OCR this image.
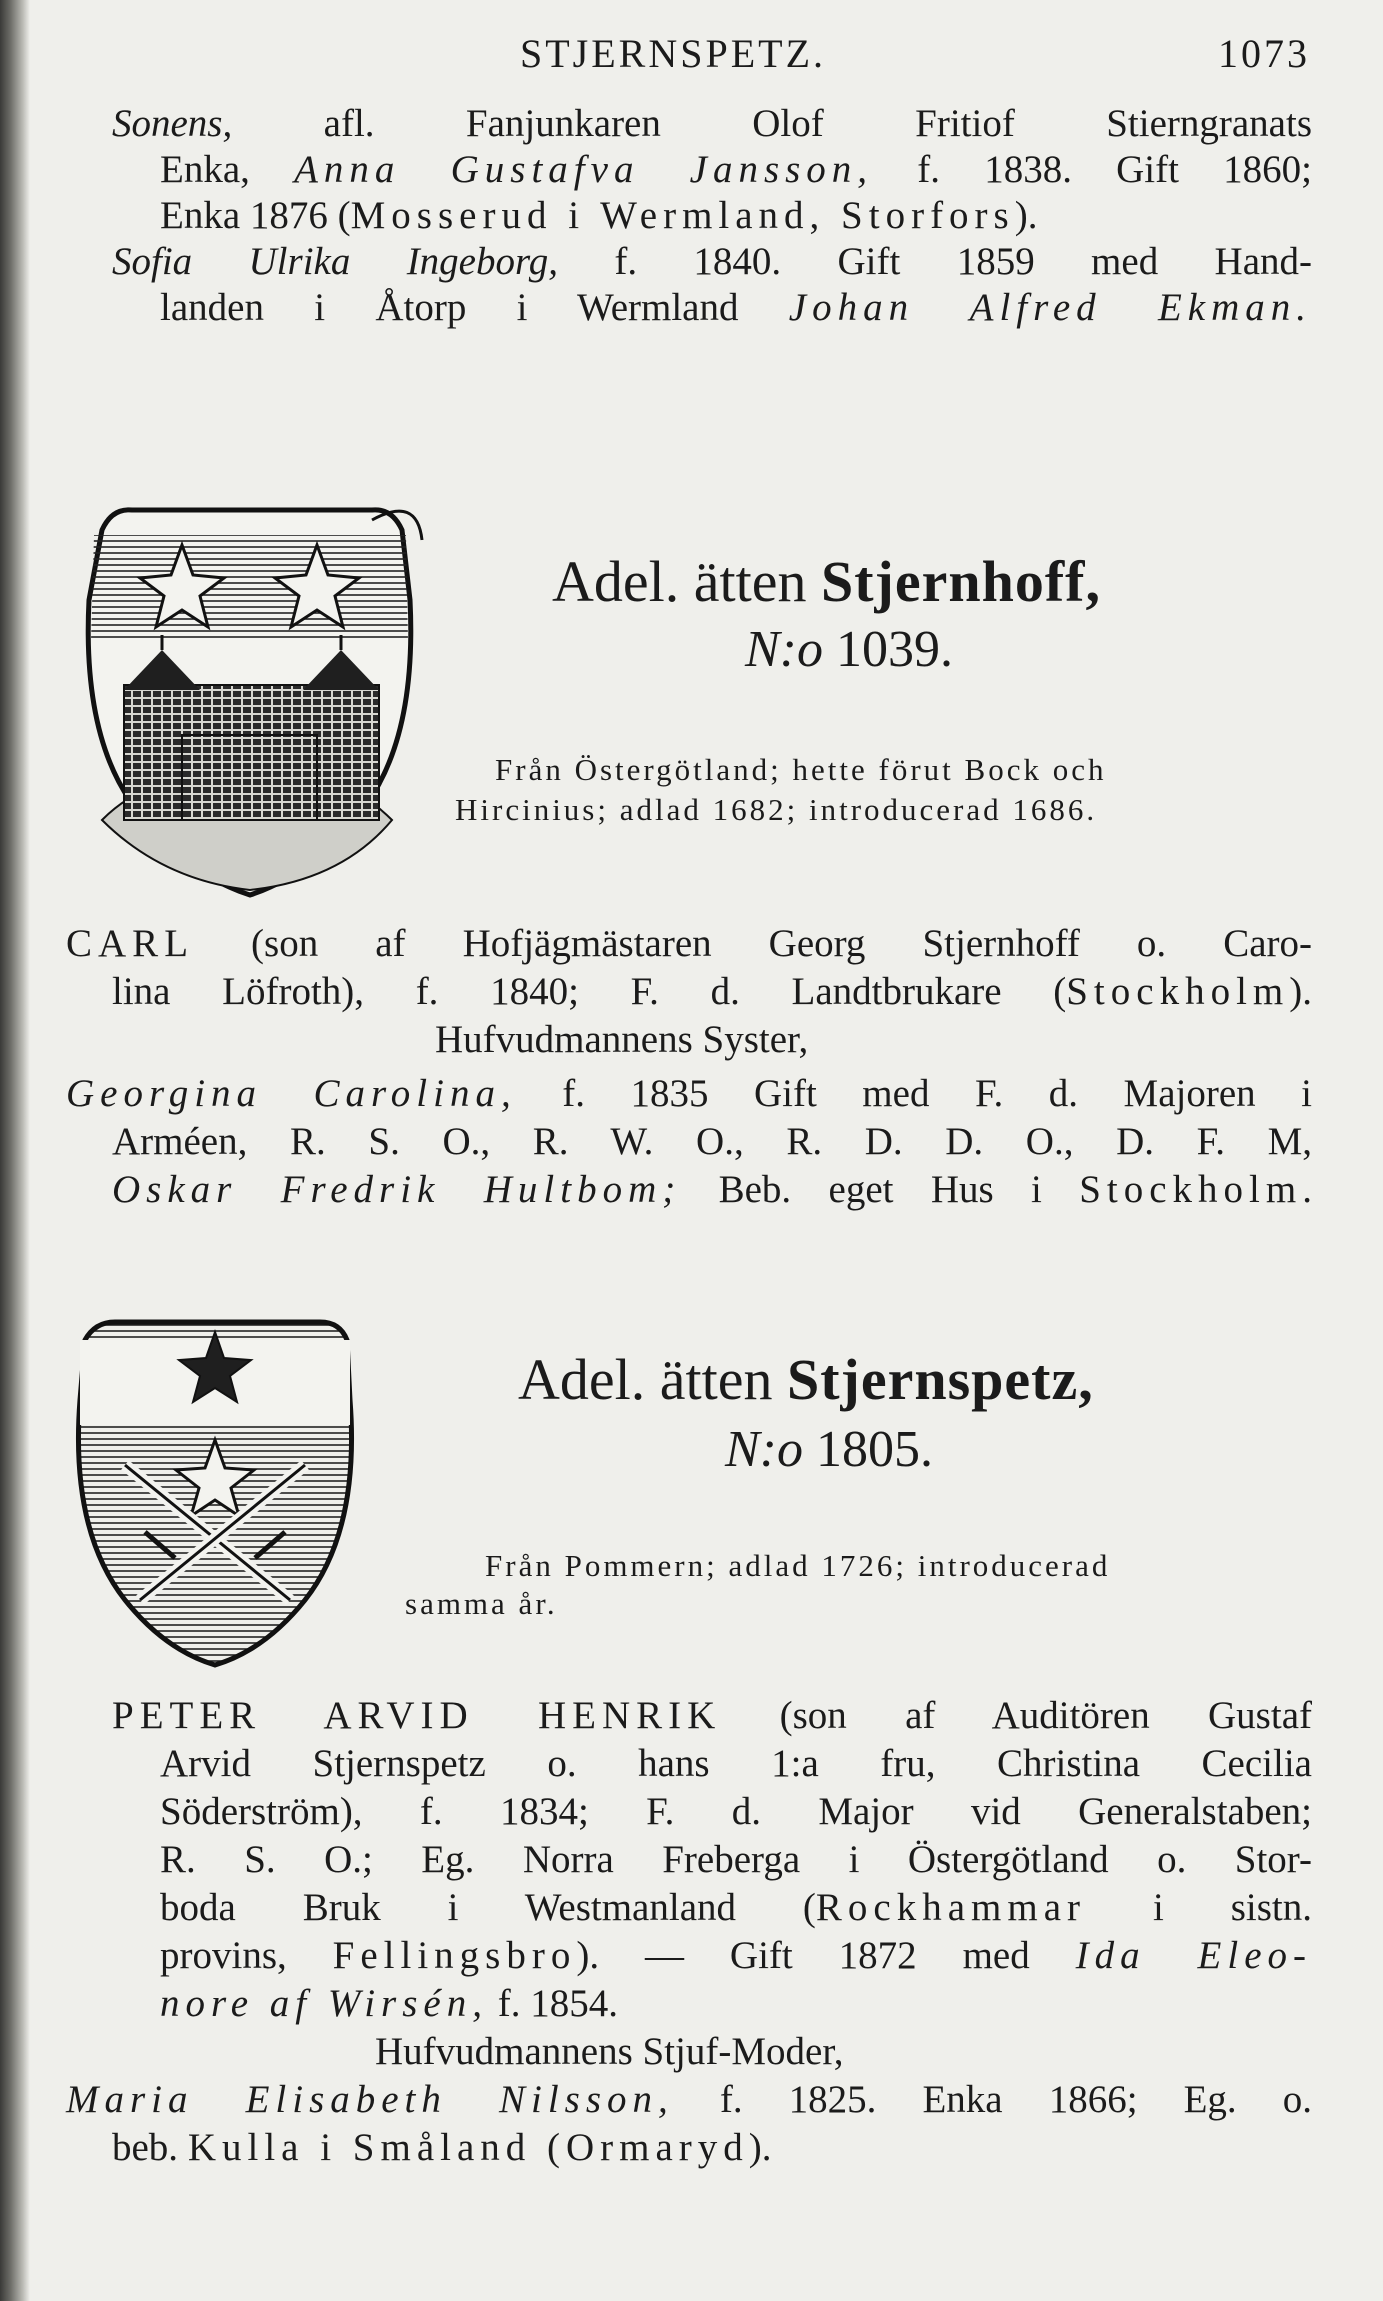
STJERNSPETZ.	1073
Sonens, afl. Fanjunkaren Olof Fritiof Stierngranats
Enka, Anna Gustafva Jansson, f. 1838. Gift 1860;
Enka 1876 (Mosserud i Wermland, Storfors).
Sofia Ulrika Ingeborg, f. 1840. Gift 1859 med Hand-
landen i Åtorp i Wermland Johan Alfred Ekman.
Adel. ätten Stjernhoff,
N:o 1039.
Från Östergötland; hette förut Bock och
Hircinius; adlad 1682; introducerad 1686.
CARL (son af Hofjägmästaren Georg Stjernhoff o. Caro-
lina Löfroth), f. 1840; F. d. Landtbrukare (Stockholm).
Hufvudmannens Syster,
Georgina Carolina, f. 1835 Gift med F. d. Majoren i
Arméen, R. S. O., R. W. O., R. D. D. O., D. F. M,
Oskar Fredrik Hultbom; Beb. eget Hus i Stockholm.
Adel. ätten Stjernspetz,
N:o 1805.
Från Pommern; adlad 1726; introducerad
samma år.
PETER ARVID HENRIK (son af Auditören Gustaf
Arvid Stjernspetz o. hans 1:a fru, Christina Cecilia
Söderström), f. 1834; F. d. Major vid Generalstaben;
R. S. O.; Eg. Norra Freberga i Östergötland o. Stor-
boda Bruk i Westmanland (Rockhammar i sistn.
provins, Fellingsbro). — Gift 1872 med Ida Eleo-
nore af Wirsén, f. 1854.
Hufvudmannens Stjuf-Moder,
Maria Elisabeth Nilsson, f. 1825. Enka 1866; Eg. o.
beb. Kulla i Småland (Ormaryd).
